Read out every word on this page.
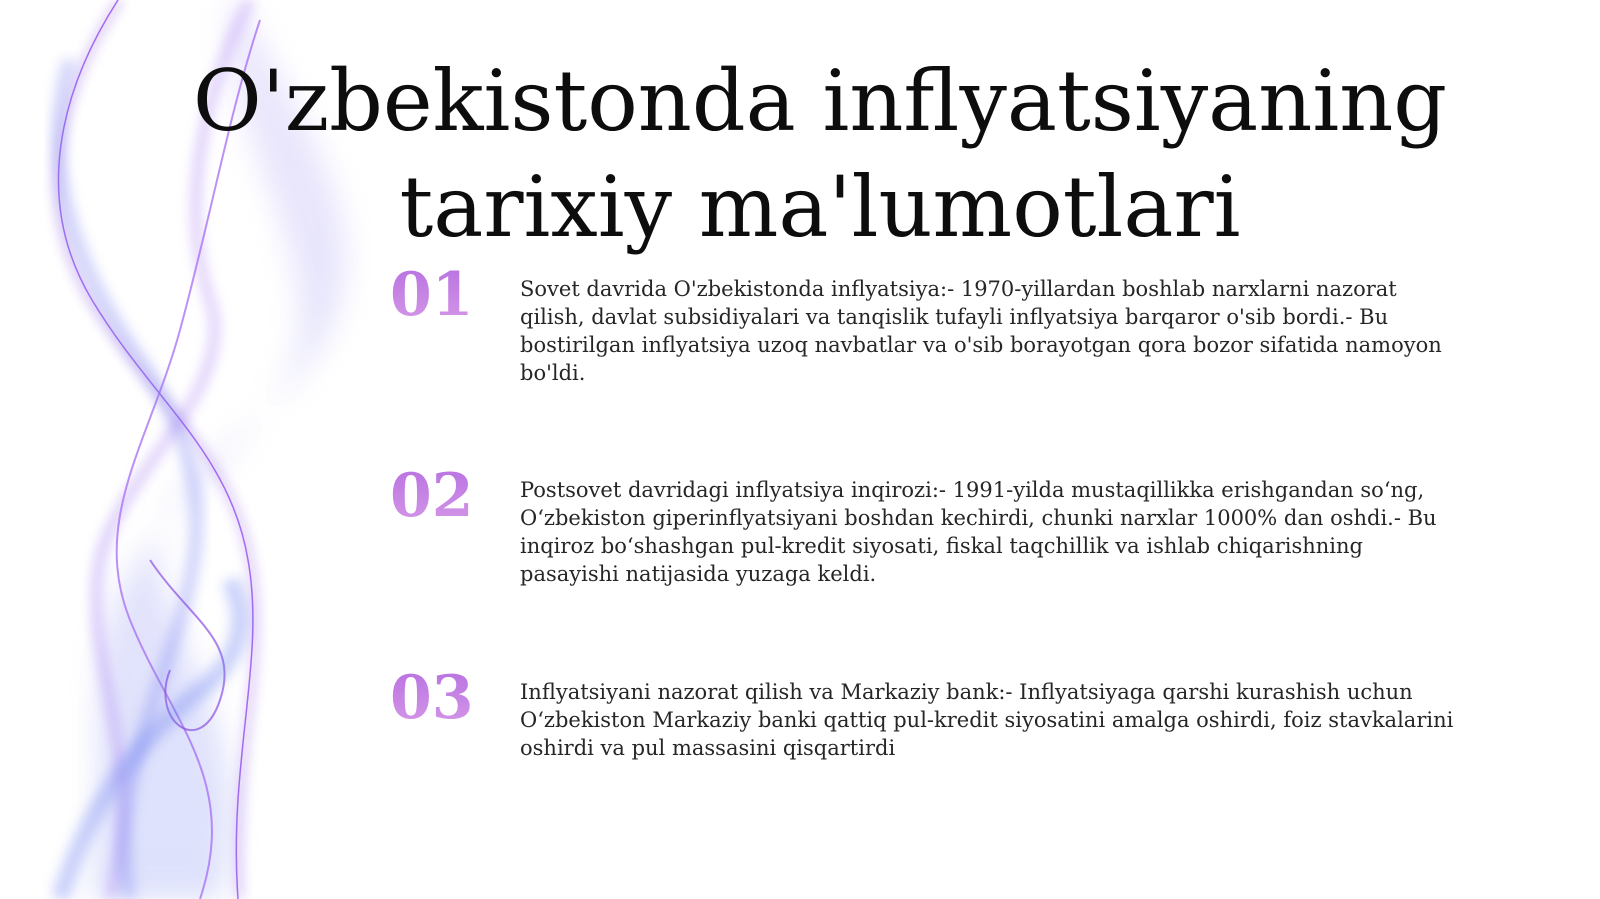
O'zbekistonda inflyatsiyaning tarixiy ma'lumotlari
01 Sovet davrida O'zbekistonda inflyatsiya:- 1970-yillardan boshlab narxlarni nazorat qilish, davlat subsidiyalari va tanqislik tufayli inflyatsiya barqaror o'sib bordi.- Bu bostirilgan inflyatsiya uzoq navbatlar va o'sib borayotgan qora bozor sifatida namoyon bo'ldi.

02 Postsovet davridagi inflyatsiya inqirozi:- 1991-yilda mustaqillikka erishgandan so‘ng, O‘zbekiston giperinflyatsiyani boshdan kechirdi, chunki narxlar 1000% dan oshdi.- Bu inqiroz bo‘shashgan pul-kredit siyosati, fiskal taqchillik va ishlab chiqarishning pasayishi natijasida yuzaga keldi.

03 Inflyatsiyani nazorat qilish va Markaziy bank:- Inflyatsiyaga qarshi kurashish uchun O‘zbekiston Markaziy banki qattiq pul-kredit siyosatini amalga oshirdi, foiz stavkalarini oshirdi va pul massasini qisqartirdi
